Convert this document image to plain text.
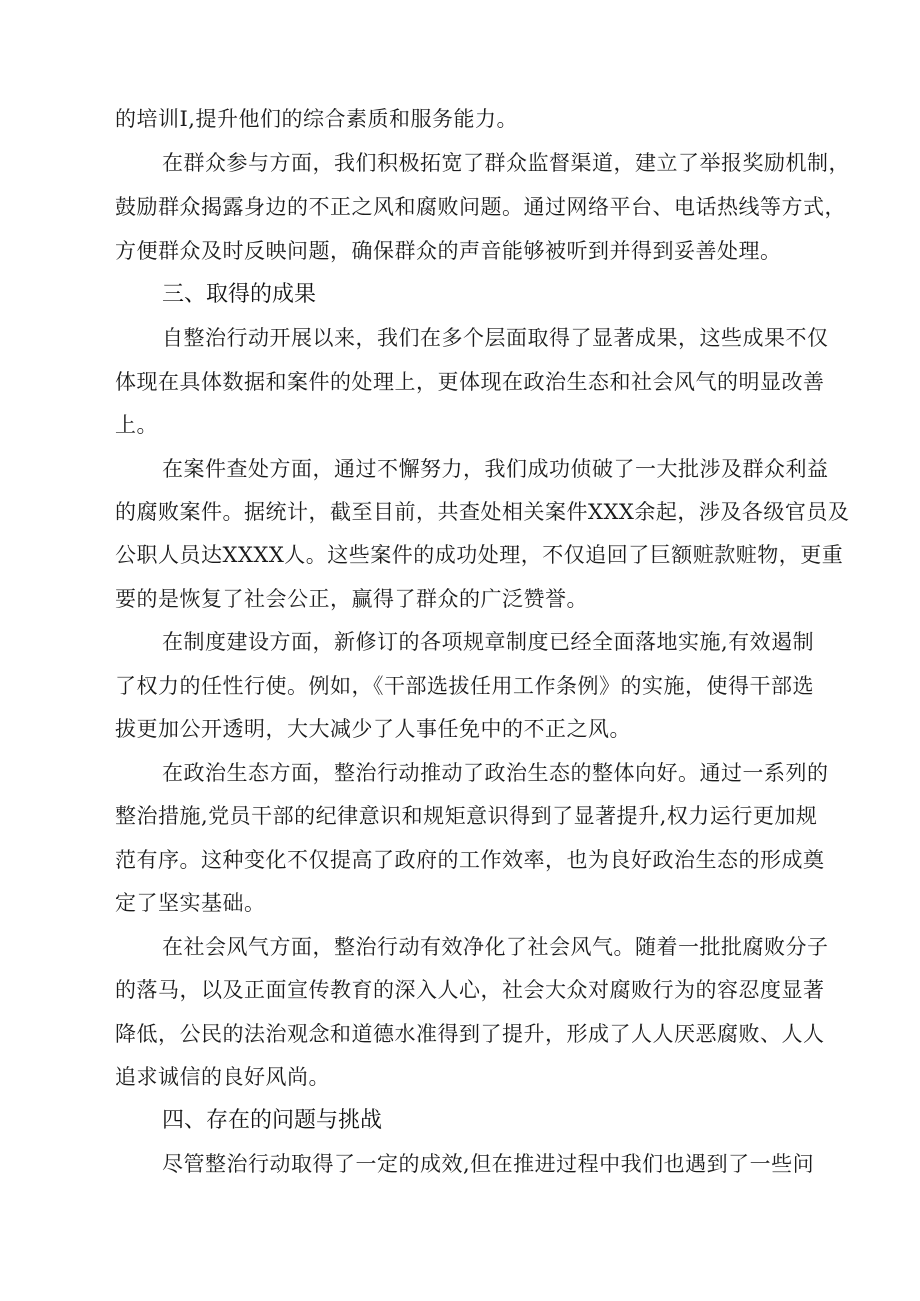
的培训I,提升他们的综合素质和服务能力。
在群众参与方面，我们积极拓宽了群众监督渠道，建立了举报奖励机制，
鼓励群众揭露身边的不正之风和腐败问题。通过网络平台、电话热线等方式，
方便群众及时反映问题，确保群众的声音能够被听到并得到妥善处理。
三、取得的成果
自整治行动开展以来，我们在多个层面取得了显著成果，这些成果不仅
体现在具体数据和案件的处理上，更体现在政治生态和社会风气的明显改善
上。
在案件查处方面，通过不懈努力，我们成功侦破了一大批涉及群众利益
的腐败案件。据统计，截至目前，共查处相关案件XXX余起，涉及各级官员及
公职人员达XXXX人。这些案件的成功处理，不仅追回了巨额赃款赃物，更重
要的是恢复了社会公正，赢得了群众的广泛赞誉。
在制度建设方面，新修订的各项规章制度已经全面落地实施,有效遏制
了权力的任性行使。例如，《干部选拔任用工作条例》的实施，使得干部选
拔更加公开透明，大大减少了人事任免中的不正之风。
在政治生态方面，整治行动推动了政治生态的整体向好。通过一系列的
整治措施,党员干部的纪律意识和规矩意识得到了显著提升,权力运行更加规
范有序。这种变化不仅提高了政府的工作效率，也为良好政治生态的形成奠
定了坚实基础。
在社会风气方面，整治行动有效净化了社会风气。随着一批批腐败分子
的落马，以及正面宣传教育的深入人心，社会大众对腐败行为的容忍度显著
降低，公民的法治观念和道德水准得到了提升，形成了人人厌恶腐败、人人
追求诚信的良好风尚。
四、存在的问题与挑战
尽管整治行动取得了一定的成效,但在推进过程中我们也遇到了一些问
